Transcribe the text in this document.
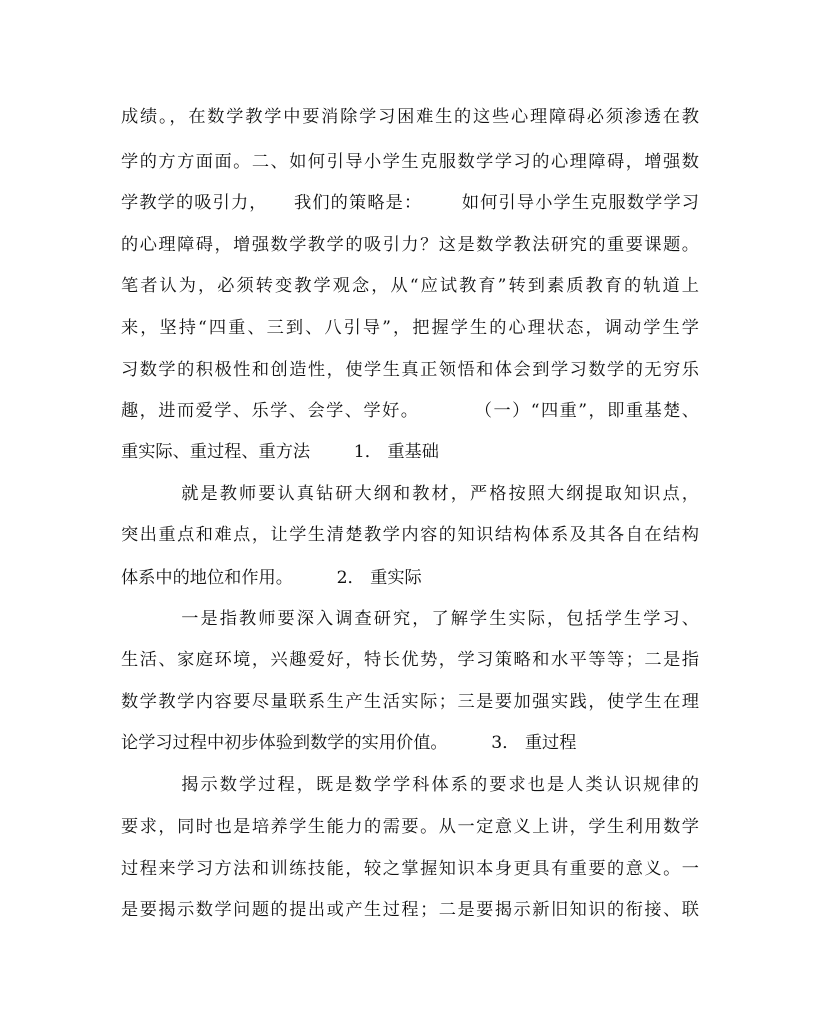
成绩。，在数学教学中要消除学习困难生的这些心理障碍必须渗透在教
学的方方面面。二、如何引导小学生克服数学学习的心理障碍，增强数
学教学的吸引力，    我们的策略是：      如何引导小学生克服数学学习
的心理障碍，增强数学教学的吸引力？这是数学教法研究的重要课题。
笔者认为，必须转变教学观念，从“应试教育”转到素质教育的轨道上
来，坚持“四重、三到、八引导”，把握学生的心理状态，调动学生学
习数学的积极性和创造性，使学生真正领悟和体会到学习数学的无穷乐
趣，进而爱学、乐学、会学、学好。        （一）“四重”，即重基楚、
重实际、重过程、重方法        1． 重基础
就是教师要认真钻研大纲和教材，严格按照大纲提取知识点，
突出重点和难点，让学生清楚教学内容的知识结构体系及其各自在结构
体系中的地位和作用。        2． 重实际
一是指教师要深入调查研究，了解学生实际，包括学生学习、
生活、家庭环境，兴趣爱好，特长优势，学习策略和水平等等；二是指
数学教学内容要尽量联系生产生活实际；三是要加强实践，使学生在理
论学习过程中初步体验到数学的实用价值。        3． 重过程
揭示数学过程，既是数学学科体系的要求也是人类认识规律的
要求，同时也是培养学生能力的需要。从一定意义上讲，学生利用数学
过程来学习方法和训练技能，较之掌握知识本身更具有重要的意义。一
是要揭示数学问题的提出或产生过程；二是要揭示新旧知识的衔接、联
